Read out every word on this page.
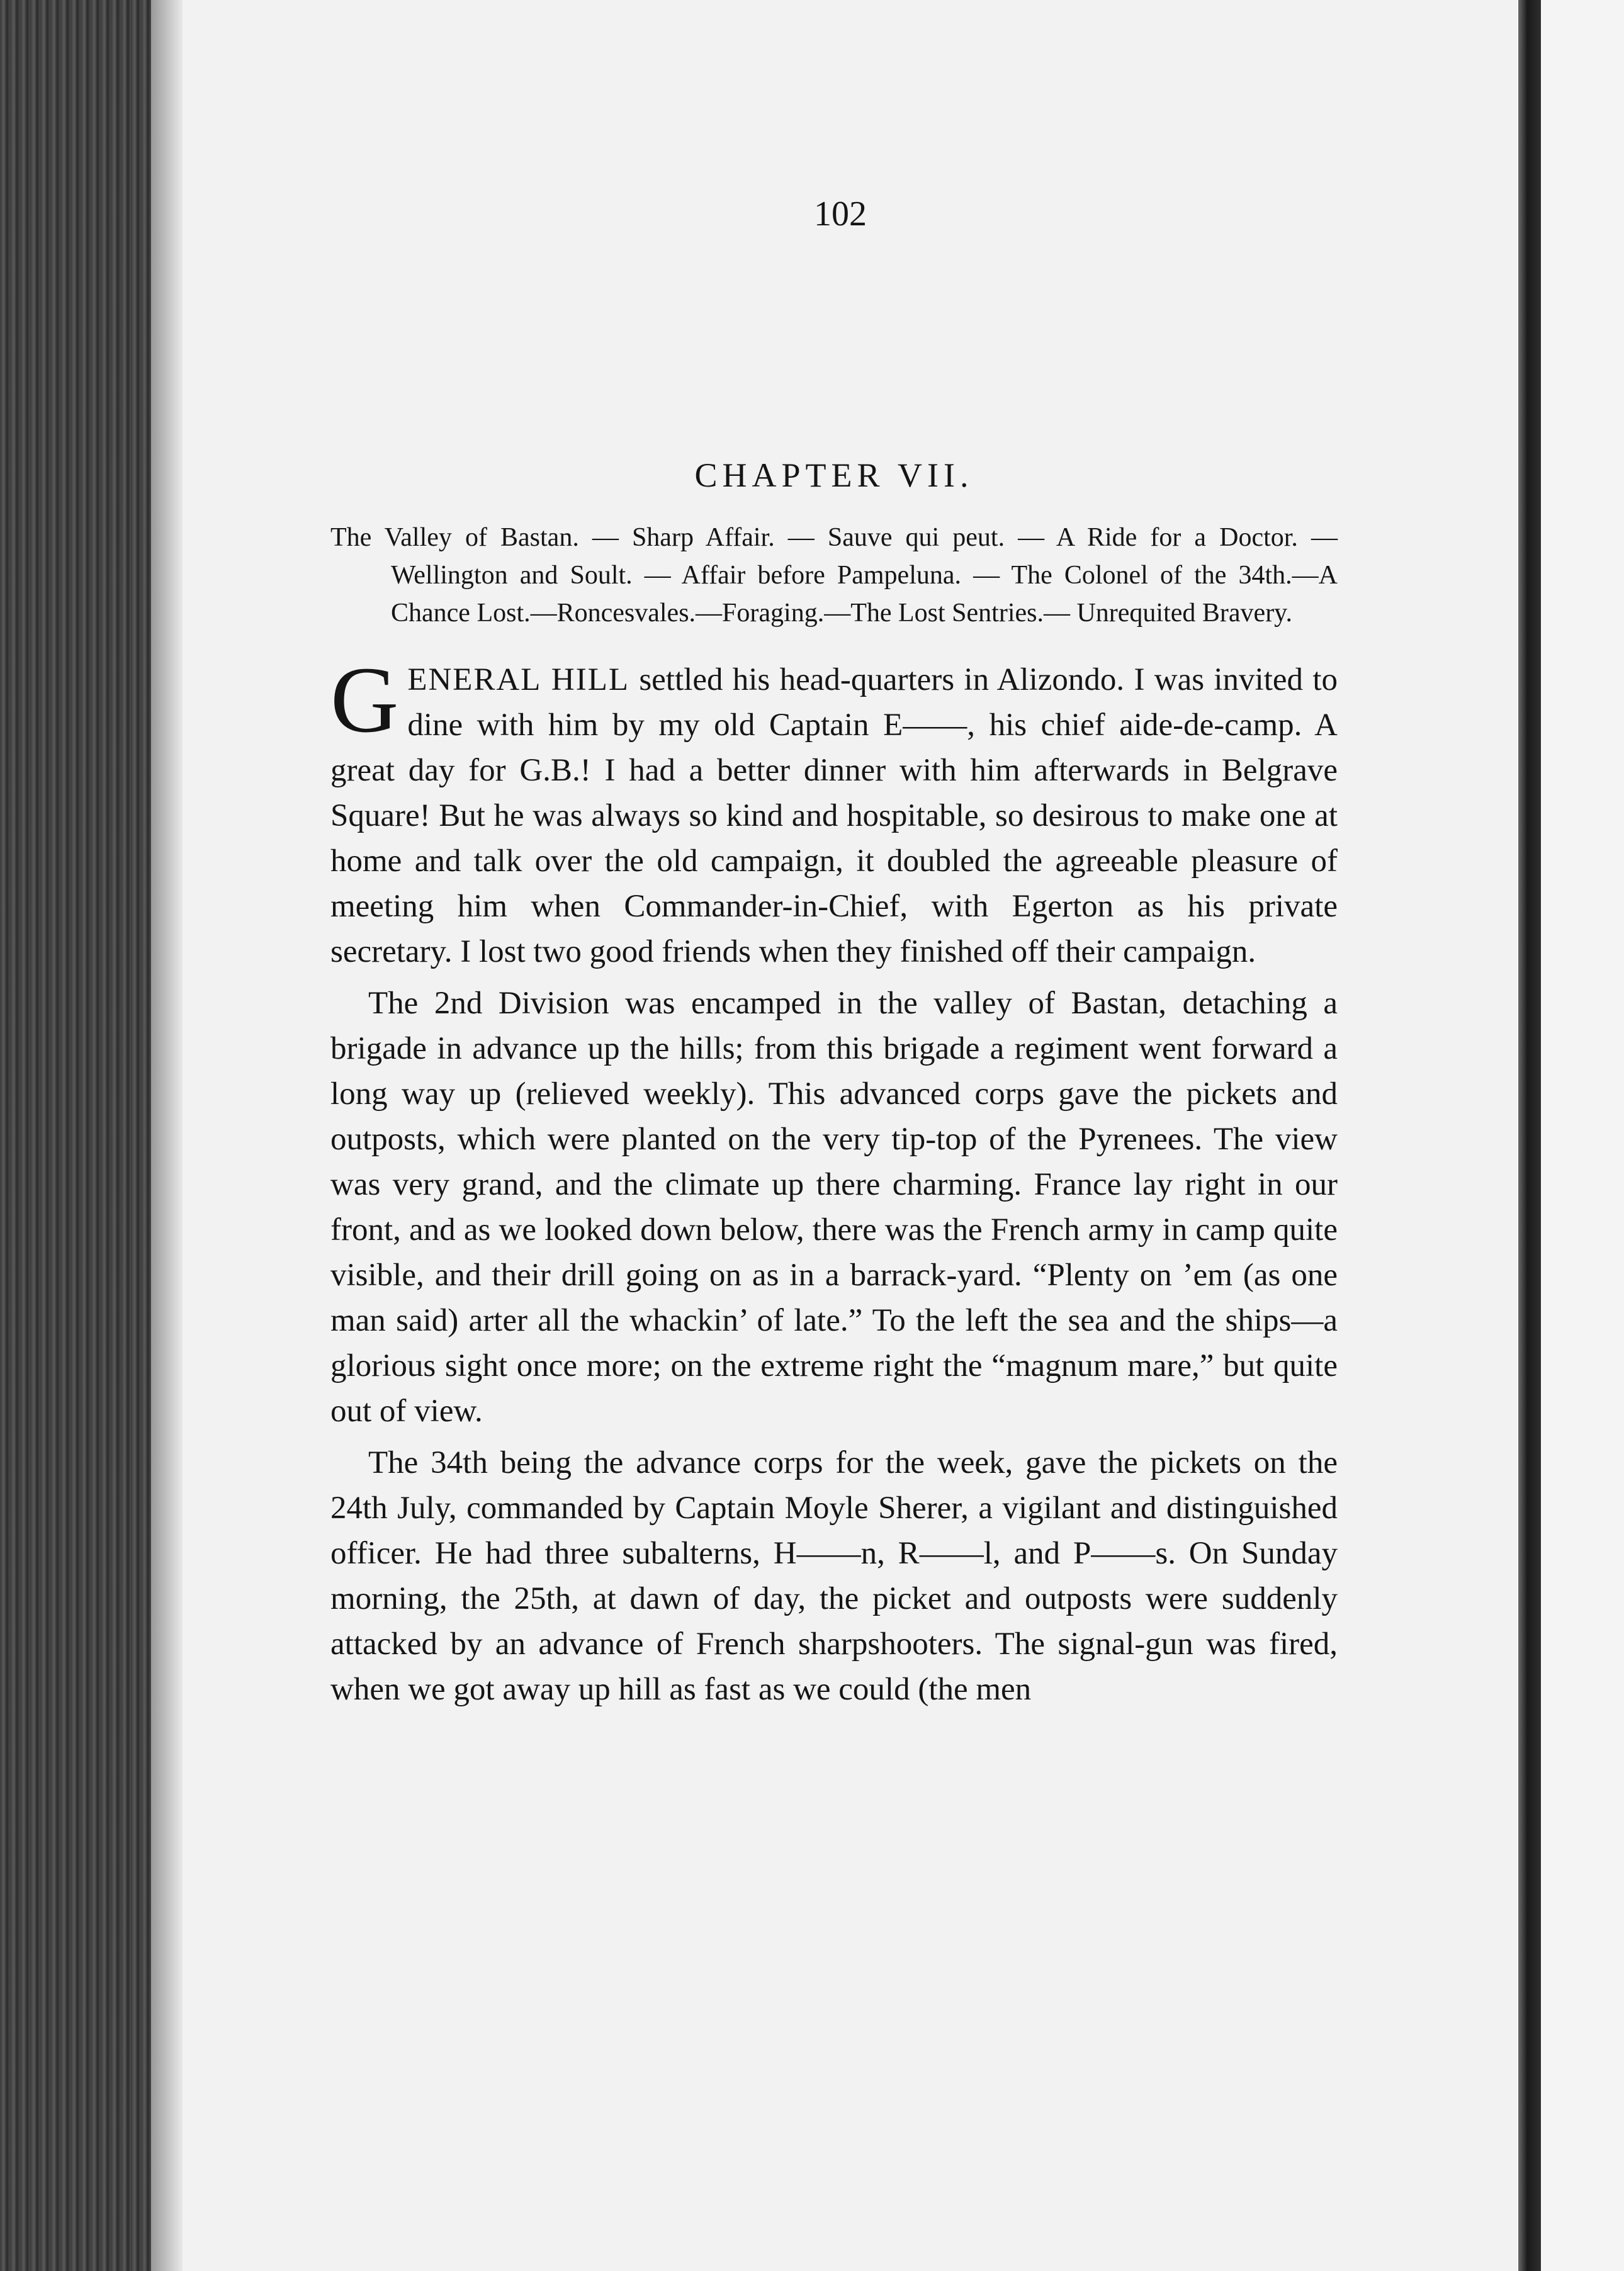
102
CHAPTER VII.
The Valley of Bastan. — Sharp Affair. — Sauve qui peut. — A Ride for a Doctor. — Wellington and Soult. — Affair before Pampeluna. — The Colonel of the 34th.—A Chance Lost.—Roncesvales.—Foraging.—The Lost Sentries.— Unrequited Bravery.

GENERAL HILL settled his head-quarters in Alizondo. I was invited to dine with him by my old Captain E——, his chief aide-de-camp. A great day for G.B.! I had a better dinner with him afterwards in Belgrave Square! But he was always so kind and hospitable, so desirous to make one at home and talk over the old campaign, it doubled the agreeable pleasure of meeting him when Commander-in-Chief, with Egerton as his private secretary. I lost two good friends when they finished off their campaign.

The 2nd Division was encamped in the valley of Bastan, detaching a brigade in advance up the hills; from this brigade a regiment went forward a long way up (relieved weekly). This advanced corps gave the pickets and outposts, which were planted on the very tip-top of the Pyrenees. The view was very grand, and the climate up there charming. France lay right in our front, and as we looked down below, there was the French army in camp quite visible, and their drill going on as in a barrack-yard. “Plenty on ’em (as one man said) arter all the whackin’ of late.” To the left the sea and the ships—a glorious sight once more; on the extreme right the “magnum mare,” but quite out of view.

The 34th being the advance corps for the week, gave the pickets on the 24th July, commanded by Captain Moyle Sherer, a vigilant and distinguished officer. He had three subalterns, H——n, R——l, and P——s. On Sunday morning, the 25th, at dawn of day, the picket and outposts were suddenly attacked by an advance of French sharpshooters. The signal-gun was fired, when we got away up hill as fast as we could (the men
